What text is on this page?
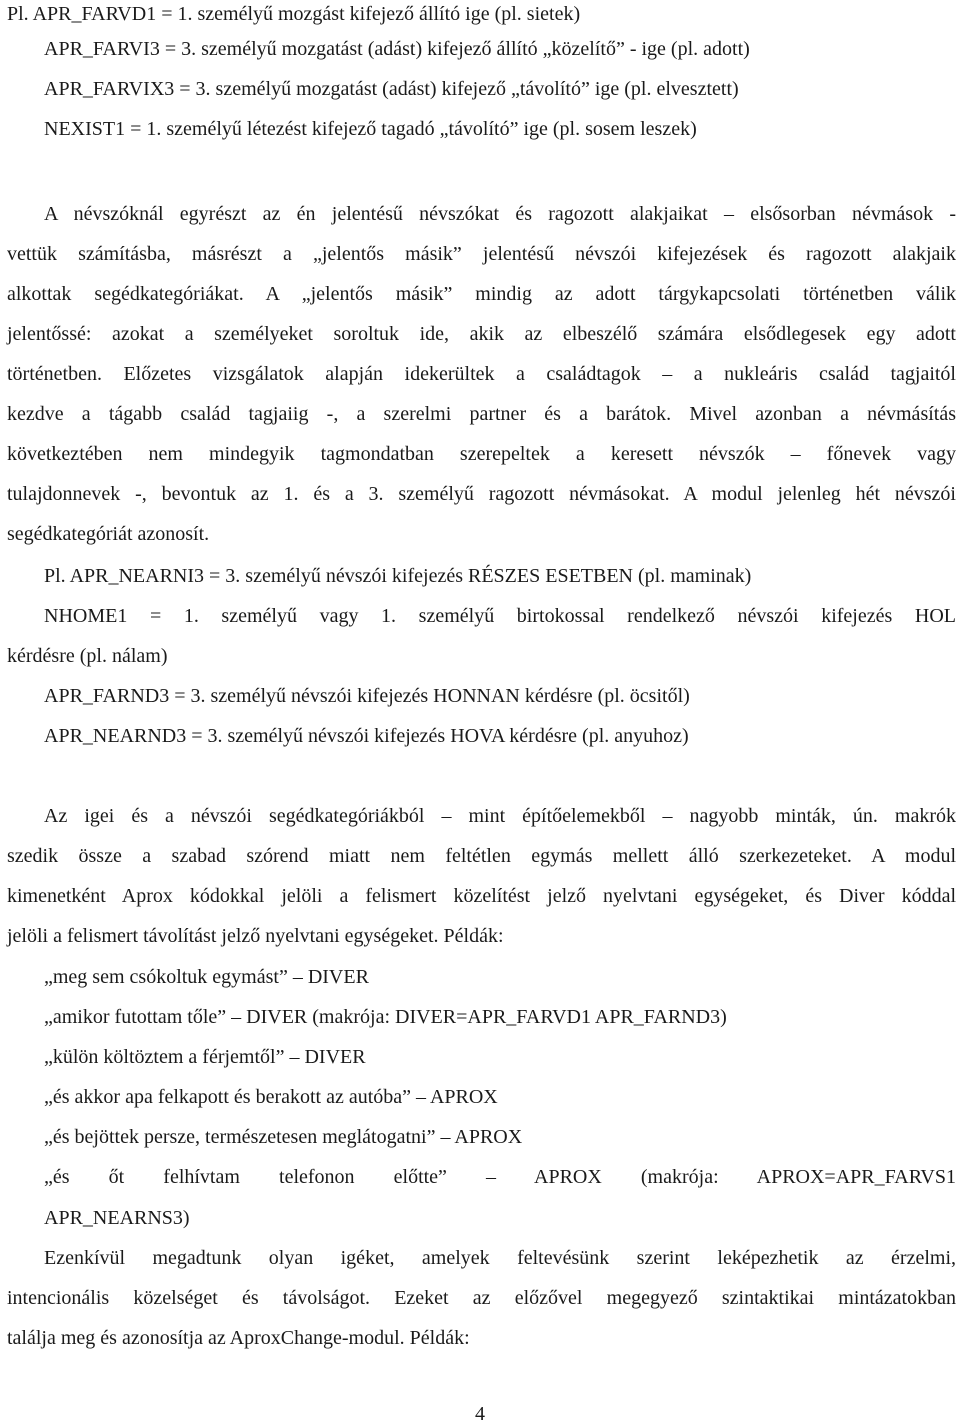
Pl. APR_FARVD1 = 1. személyű mozgást kifejező állító ige (pl. sietek)
APR_FARVI3 = 3. személyű mozgatást (adást) kifejező állító „közelítő” - ige (pl. adott)
APR_FARVIX3 = 3. személyű mozgatást (adást) kifejező „távolító” ige (pl. elvesztett)
NEXIST1 = 1. személyű létezést kifejező tagadó „távolító” ige (pl. sosem leszek)
A névszóknál egyrészt az én jelentésű névszókat és ragozott alakjaikat – elsősorban névmások -
vettük számításba, másrészt a „jelentős másik” jelentésű névszói kifejezések és ragozott alakjaik
alkottak segédkategóriákat. A „jelentős másik” mindig az adott tárgykapcsolati történetben válik
jelentőssé: azokat a személyeket soroltuk ide, akik az elbeszélő számára elsődlegesek egy adott
történetben. Előzetes vizsgálatok alapján idekerültek a családtagok – a nukleáris család tagjaitól
kezdve a tágabb család tagjaiig -, a szerelmi partner és a barátok. Mivel azonban a névmásítás
következtében nem mindegyik tagmondatban szerepeltek a keresett névszók – főnevek vagy
tulajdonnevek -, bevontuk az 1. és a 3. személyű ragozott névmásokat. A modul jelenleg hét névszói
segédkategóriát azonosít.
Pl. APR_NEARNI3 = 3. személyű névszói kifejezés RÉSZES ESETBEN (pl. maminak)
NHOME1 = 1. személyű vagy 1. személyű birtokossal rendelkező névszói kifejezés HOL
kérdésre (pl. nálam)
APR_FARND3 = 3. személyű névszói kifejezés HONNAN kérdésre (pl. öcsitől)
APR_NEARND3 = 3. személyű névszói kifejezés HOVA kérdésre (pl. anyuhoz)
Az igei és a névszói segédkategóriákból – mint építőelemekből – nagyobb minták, ún. makrók
szedik össze a szabad szórend miatt nem feltétlen egymás mellett álló szerkezeteket. A modul
kimenetként Aprox kódokkal jelöli a felismert közelítést jelző nyelvtani egységeket, és Diver kóddal
jelöli a felismert távolítást jelző nyelvtani egységeket. Példák:
„meg sem csókoltuk egymást” – DIVER
„amikor futottam tőle” – DIVER (makrója: DIVER=APR_FARVD1 APR_FARND3)
„külön költöztem a férjemtől” – DIVER
„és akkor apa felkapott és berakott az autóba” – APROX
„és bejöttek persze, természetesen meglátogatni” – APROX
„és őt felhívtam telefonon előtte” – APROX (makrója: APROX=APR_FARVS1
APR_NEARNS3)
Ezenkívül megadtunk olyan igéket, amelyek feltevésünk szerint leképezhetik az érzelmi,
intencionális közelséget és távolságot. Ezeket az előzővel megegyező szintaktikai mintázatokban
találja meg és azonosítja az AproxChange-modul. Példák:
4
